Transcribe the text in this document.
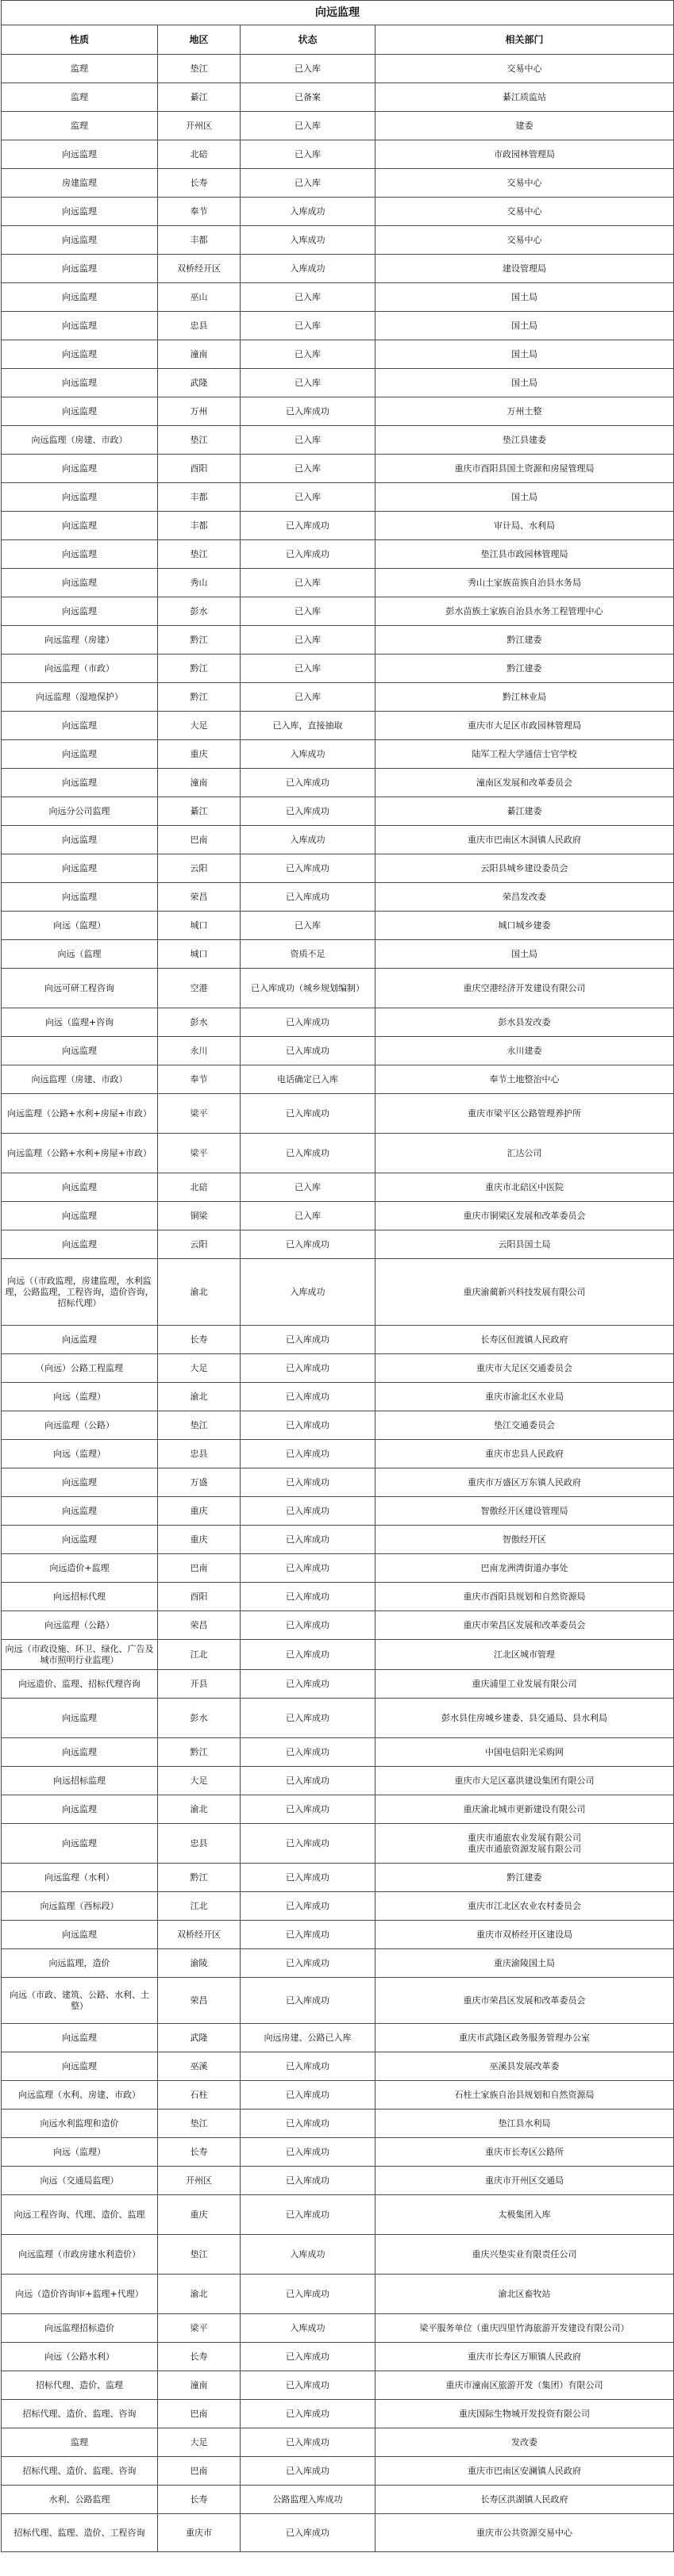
向远监理			
性质	地区	状态	相关部门
监理	垫江	已入库	交易中心
监理	綦江	已备案	綦江质监站
监理	开州区	已入库	建委
向远监理	北碚	已入库	市政园林管理局
房建监理	长寿	已入库	交易中心
向远监理	奉节	入库成功	交易中心
向远监理	丰都	入库成功	交易中心
向远监理	双桥经开区	入库成功	建设管理局
向远监理	巫山	已入库	国土局
向远监理	忠县	已入库	国土局
向远监理	潼南	已入库	国土局
向远监理	武隆	已入库	国土局
向远监理	万州	已入库成功	万州土整
向远监理（房建、市政）	垫江	已入库	垫江县建委
向远监理	酉阳	已入库	重庆市酉阳县国土资源和房屋管理局
向远监理	丰都	已入库	国土局
向远监理	丰都	已入库成功	审计局、水利局
向远监理	垫江	已入库成功	垫江县市政园林管理局
向远监理	秀山	已入库	秀山土家族苗族自治县水务局
向远监理	彭水	已入库	彭水苗族土家族自治县水务工程管理中心
向远监理（房建）	黔江	已入库	黔江建委
向远监理（市政）	黔江	已入库	黔江建委
向远监理（湿地保护）	黔江	已入库	黔江林业局
向远监理	大足	已入库，直接抽取	重庆市大足区市政园林管理局
向远监理	重庆	入库成功	陆军工程大学通信士官学校
向远监理	潼南	已入库成功	潼南区发展和改革委员会
向远分公司监理	綦江	已入库成功	綦江建委
向远监理	巴南	入库成功	重庆市巴南区木洞镇人民政府
向远监理	云阳	已入库成功	云阳县城乡建设委员会
向远监理	荣昌	已入库成功	荣昌发改委
向远（监理）	城口	已入库	城口城乡建委
向远（监理	城口	资质不足	国土局
向远可研工程咨询	空港	已入库成功（城乡规划编制）	重庆空港经济开发建设有限公司
向远（监理+咨询	彭水	已入库成功	彭水县发改委
向远监理	永川	已入库成功	永川建委
向远监理（房建、市政）	奉节	电话确定已入库	奉节土地整治中心
向远监理（公路+水利+房屋+市政）	梁平	已入库成功	重庆市梁平区公路管理养护所
向远监理（公路+水利+房屋+市政）	梁平	已入库成功	汇达公司
向远监理	北碚	已入库	重庆市北碚区中医院
向远监理	铜梁	已入库	重庆市铜梁区发展和改革委员会
向远监理	云阳	已入库成功	云阳县国土局
向远（（市政监理，房建监理，水利监理，公路监理，工程咨询，造价咨询，招标代理）	渝北	入库成功	重庆渝蔺新兴科技发展有限公司
向远监理	长寿	已入库成功	长寿区但渡镇人民政府
（向远）公路工程监理	大足	已入库成功	重庆市大足区交通委员会
向远（监理）	渝北	已入库成功	重庆市渝北区水业局
向远监理（公路）	垫江	已入库成功	垫江交通委员会
向远（监理）	忠县	已入库成功	重庆市忠县人民政府
向远监理	万盛	已入库成功	重庆市万盛区万东镇人民政府
向远监理	重庆	已入库成功	智傲经开区建设管理局
向远监理	重庆	已入库成功	智傲经开区
向远造价+监理	巴南	已入库成功	巴南龙洲湾街道办事处
向远招标代理	酉阳	已入库成功	重庆市酉阳县规划和自然资源局
向远监理（公路）	荣昌	已入库成功	重庆市荣昌区发展和改革委员会
向远（市政设施、环卫、绿化、广告及城市照明行业监理）	江北	已入库成功	江北区城市管理
向远造价、监理、招标代理咨询	开县	已入库成功	重庆浦里工业发展有限公司
向远监理	彭水	已入库成功	彭水县住房城乡建委、县交通局、县水利局
向远监理	黔江	已入库成功	中国电信阳光采购网
向远招标监理	大足	已入库成功	重庆市大足区嘉洪建设集团有限公司
向远监理	渝北	已入库成功	重庆渝北城市更新建设有限公司
向远监理	忠县	已入库成功	重庆市通旅农业发展有限公司
重庆市通旅资源发展有限公司
向远监理（水利）	黔江	已入库成功	黔江建委
向远监理（西标段）	江北	已入库成功	重庆市江北区农业农村委员会
向远监理	双桥经开区	已入库成功	重庆市双桥经开区建设局
向远监理，造价	渝陵	已入库成功	重庆渝陵国土局
向远（市政、建筑、公路、水利、土整）	荣昌	已入库成功	重庆市荣昌区发展和改革委员会
向远监理	武隆	向远房建、公路已入库	重庆市武隆区政务服务管理办公室
向远监理	巫溪	已入库成功	巫溪县发展改革委
向远监理（水利、房建、市政）	石柱	已入库成功	石柱土家族自治县规划和自然资源局
向远水利监理和造价	垫江	已入库成功	垫江县水利局
向远（监理）	长寿	已入库成功	重庆市长寿区公路所
向远（交通局监理）	开州区	已入库成功	重庆市开州区交通局
向远工程咨询、代理、造价、监理	重庆	已入库成功	太极集团入库
向远监理（市政房建水利造价）	垫江	入库成功	重庆兴垫实业有限责任公司
向远（造价咨询审+监理+代理）	渝北	已入库成功	渝北区畜牧站
向远监理招标造价	梁平	入库成功	梁平服务单位（重庆四里竹海旅游开发建设有限公司）
向远（公路水利）	长寿	已入库成功	重庆市长寿区万顺镇人民政府
招标代理、造价、监理	潼南	已入库成功	重庆市潼南区旅游开发（集团）有限公司
招标代理、造价、监理、咨询	巴南	已入库成功	重庆国际生物城开发投资有限公司
监理	大足	已入库成功	发改委
招标代理、造价、监理、咨询	巴南	已入库成功	重庆市巴南区安澜镇人民政府
水利、公路监理	长寿	公路监理入库成功	长寿区洪湖镇人民政府
招标代理、监理、造价、工程咨询	重庆市	已入库成功	重庆市公共资源交易中心
